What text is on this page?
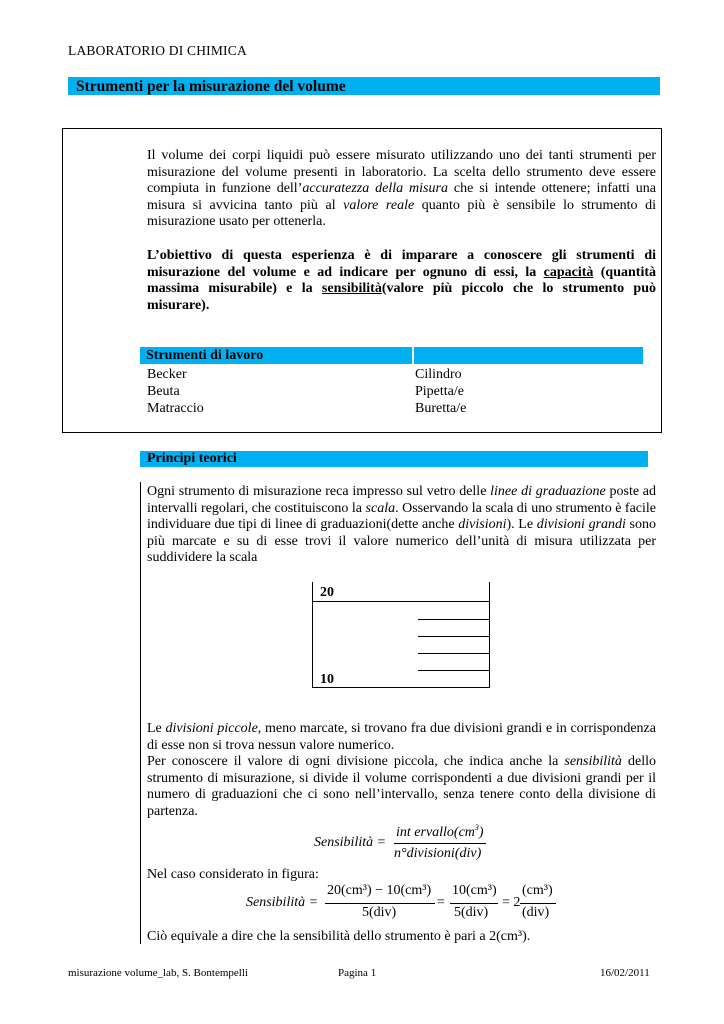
LABORATORIO DI CHIMICA
Strumenti per la misurazione del volume
Il volume dei corpi liquidi può essere misurato utilizzando uno dei tanti strumenti per misurazione del volume presenti in laboratorio. La scelta dello strumento deve essere compiuta in funzione dell’accuratezza della misura che si intende ottenere; infatti una misura si avvicina tanto più al valore reale quanto più è sensibile lo strumento di misurazione usato per ottenerla.
L’obiettivo di questa esperienza è di imparare a conoscere gli strumenti di misurazione del volume e ad indicare per ognuno di essi, la capacità (quantità massima misurabile) e la sensibilità(valore più piccolo che lo strumento può misurare).
Strumenti di lavoro
Becker
Beuta
Matraccio
Cilindro
Pipetta/e
Buretta/e
Principi teorici
Ogni strumento di misurazione reca impresso sul vetro delle linee di graduazione poste ad intervalli regolari, che costituiscono la scala. Osservando la scala di uno strumento è facile individuare due tipi di linee di graduazioni(dette anche divisioni). Le divisioni grandi sono più marcate e su di esse trovi il valore numerico dell’unità di misura utilizzata per suddividere la scala
20
10
Le divisioni piccole, meno marcate, si trovano fra due divisioni grandi e in corrispondenza di esse non si trova nessun valore numerico.
Per conoscere il valore di ogni divisione piccola, che indica anche la sensibilità dello strumento di misurazione, si divide il volume corrispondenti a due divisioni grandi per il numero di graduazioni che ci sono nell’intervallo, senza tenere conto della divisione di partenza.
Sensibilità =
int $ervallo(cm^3)$
n°divisioni(div)
Nel caso considerato in figura:
Sensibilità =
20(cm³) − 10(cm³)
5(div)
=
10(cm³)
5(div)
= 2
(cm³)
(div)
Ciò equivale a dire che la sensibilità dello strumento è pari a 2(cm³).
misurazione volume_lab, S. Bontempelli	Pagina 1	16/02/2011
